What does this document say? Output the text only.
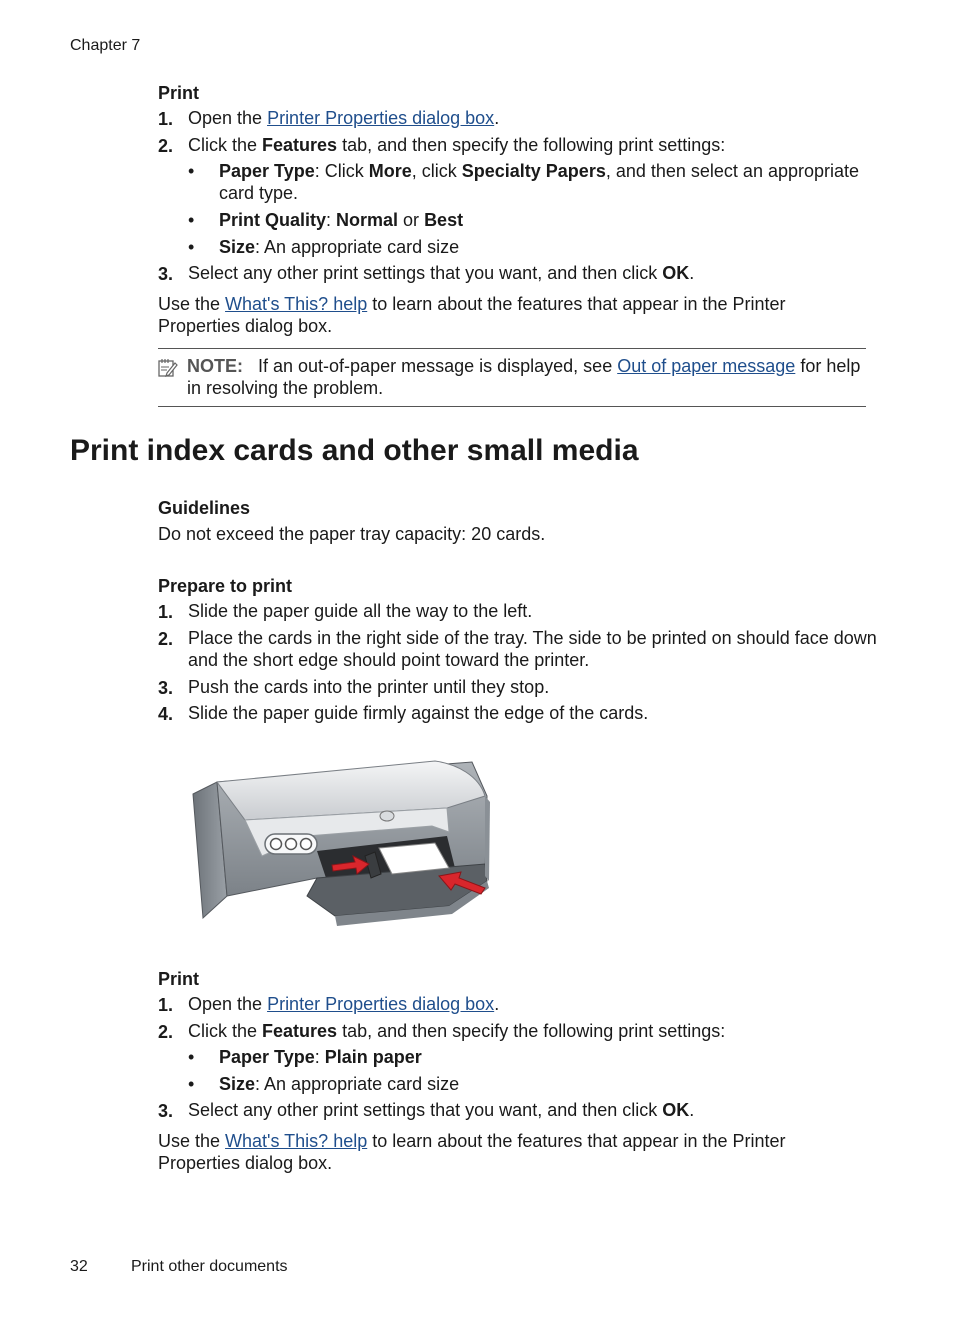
Chapter 7
Print
1. Open the Printer Properties dialog box.
2. Click the Features tab, and then specify the following print settings:
• Paper Type: Click More, click Specialty Papers, and then select an appropriate card type.
• Print Quality: Normal or Best
• Size: An appropriate card size
3. Select any other print settings that you want, and then click OK.
Use the What's This? help to learn about the features that appear in the Printer Properties dialog box.
NOTE: If an out-of-paper message is displayed, see Out of paper message for help in resolving the problem.
Print index cards and other small media
Guidelines
Do not exceed the paper tray capacity: 20 cards.
Prepare to print
1. Slide the paper guide all the way to the left.
2. Place the cards in the right side of the tray. The side to be printed on should face down and the short edge should point toward the printer.
3. Push the cards into the printer until they stop.
4. Slide the paper guide firmly against the edge of the cards.
Print
1. Open the Printer Properties dialog box.
2. Click the Features tab, and then specify the following print settings:
• Paper Type: Plain paper
• Size: An appropriate card size
3. Select any other print settings that you want, and then click OK.
Use the What's This? help to learn about the features that appear in the Printer Properties dialog box.
32	Print other documents
